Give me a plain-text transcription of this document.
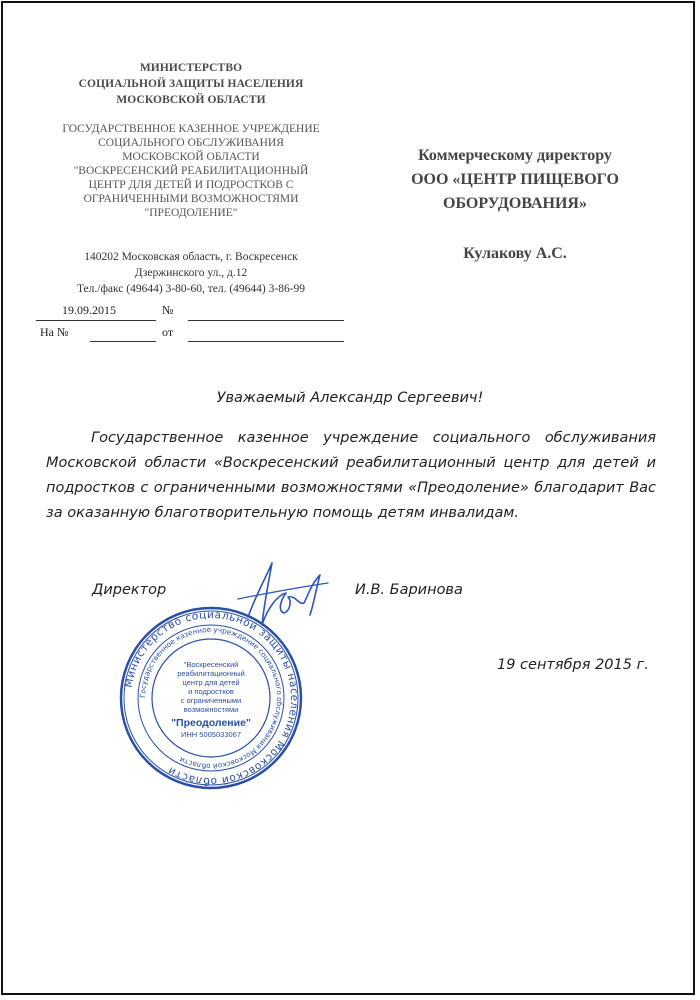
МИНИСТЕРСТВО
СОЦИАЛЬНОЙ ЗАЩИТЫ НАСЕЛЕНИЯ
МОСКОВСКОЙ ОБЛАСТИ
ГОСУДАРСТВЕННОЕ КАЗЕННОЕ УЧРЕЖДЕНИЕ
СОЦИАЛЬНОГО ОБСЛУЖИВАНИЯ
МОСКОВСКОЙ ОБЛАСТИ
"ВОСКРЕСЕНСКИЙ РЕАБИЛИТАЦИОННЫЙ
ЦЕНТР ДЛЯ ДЕТЕЙ И ПОДРОСТКОВ С
ОГРАНИЧЕННЫМИ ВОЗМОЖНОСТЯМИ
"ПРЕОДОЛЕНИЕ"
140202 Московская область, г. Воскресенск
Дзержинского ул., д.12
Тел./факс (49644) 3-80-60, тел. (49644) 3-86-99
19.09.2015	№
На №	от
Коммерческому директору
ООО «ЦЕНТР ПИЩЕВОГО
ОБОРУДОВАНИЯ»
Кулакову А.С.
Уважаемый Александр Сергеевич!
Государственное казенное учреждение социального обслуживания Московской области «Воскресенский реабилитационный центр для детей и подростков с ограниченными возможностями «Преодоление» благодарит Вас за оказанную благотворительную помощь детям инвалидам.
Директор	И.В. Баринова
19 сентября 2015 г.
Министерство социальной защиты населения Московской области
Государственное казенное учреждение социального обслуживания Московской области
"Воскресенский
реабилитационный
центр для детей
и подростков
с ограниченными
возможностями
"Преодоление"
ИНН 5005033067
